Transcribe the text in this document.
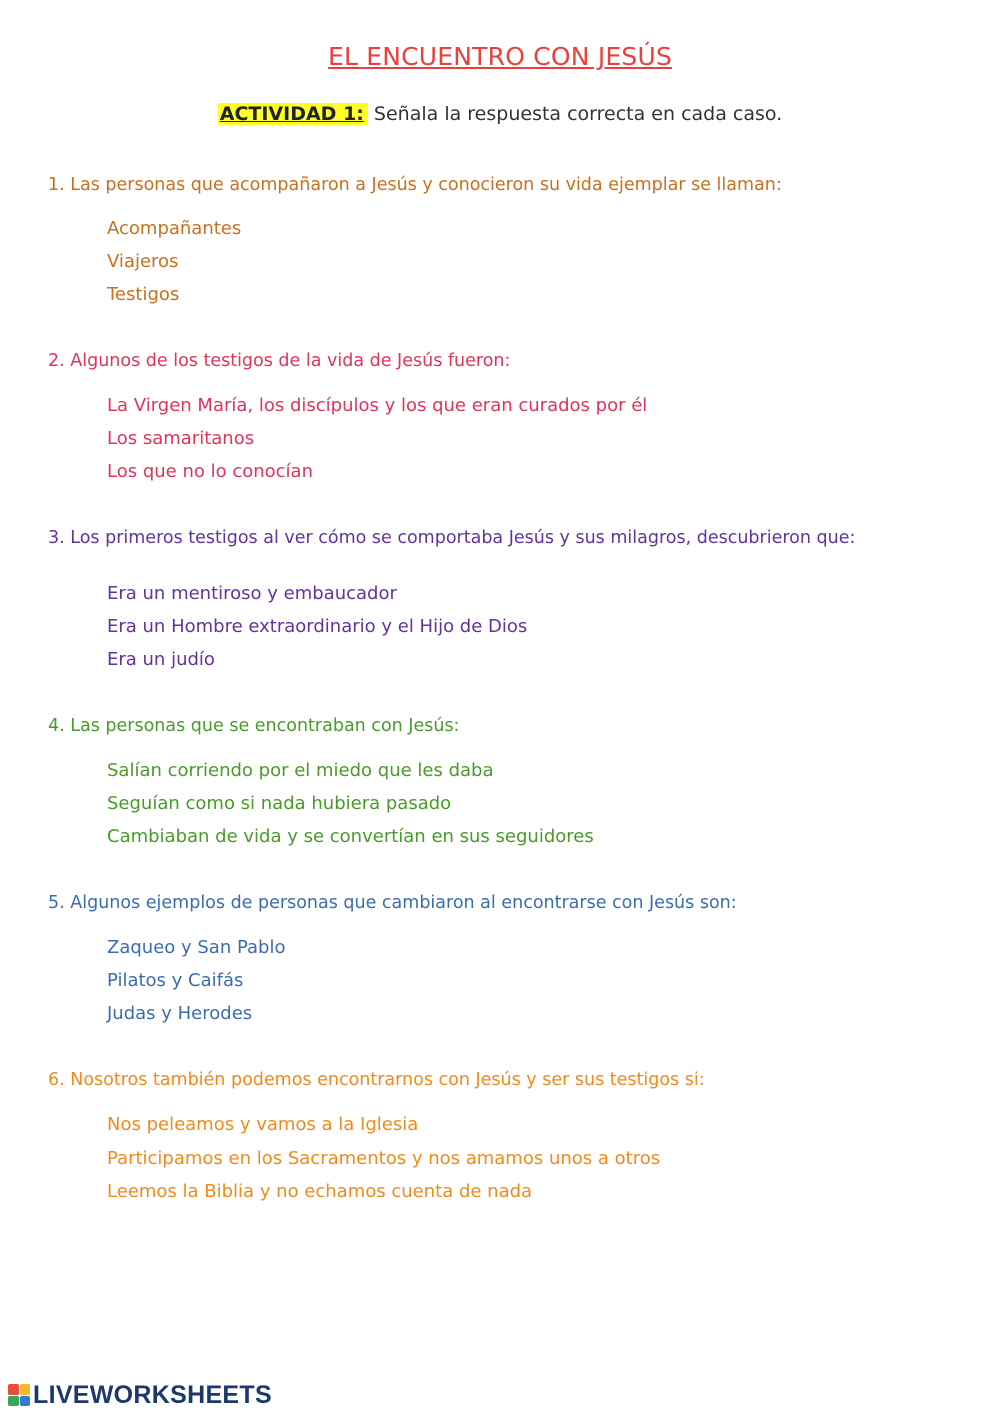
EL ENCUENTRO CON JESÚS
ACTIVIDAD 1: Señala la respuesta correcta en cada caso.
1. Las personas que acompañaron a Jesús y conocieron su vida ejemplar se llaman:
Acompañantes
Viajeros
Testigos
2. Algunos de los testigos de la vida de Jesús fueron:
La Virgen María, los discípulos y los que eran curados por él
Los samaritanos
Los que no lo conocían
3. Los primeros testigos al ver cómo se comportaba Jesús y sus milagros, descubrieron que:
Era un mentiroso y embaucador
Era un Hombre extraordinario y el Hijo de Dios
Era un judío
4. Las personas que se encontraban con Jesús:
Salían corriendo por el miedo que les daba
Seguían como si nada hubiera pasado
Cambiaban de vida y se convertían en sus seguidores
5. Algunos ejemplos de personas que cambiaron al encontrarse con Jesús son:
Zaqueo y San Pablo
Pilatos y Caifás
Judas y Herodes
6. Nosotros también podemos encontrarnos con Jesús y ser sus testigos si:
Nos peleamos y vamos a la Iglesia
Participamos en los Sacramentos y nos amamos unos a otros
Leemos la Biblia y no echamos cuenta de nada
LIVEWORKSHEETS
